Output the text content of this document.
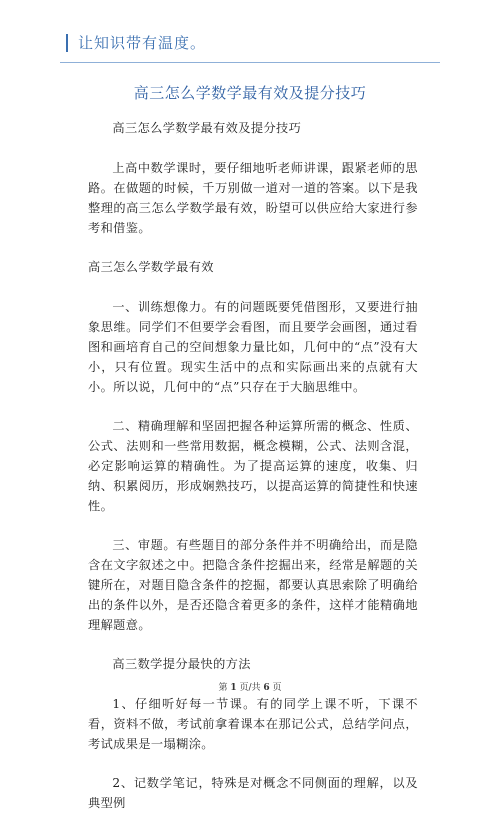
让知识带有温度。
高三怎么学数学最有效及提分技巧

高三怎么学数学最有效及提分技巧

上高中数学课时，要仔细地听老师讲课，跟紧老师的思路。在做题的时候，千万别做一道对一道的答案。以下是我整理的高三怎么学数学最有效，盼望可以供应给大家进行参考和借鉴。

高三怎么学数学最有效

一、训练想像力。有的问题既要凭借图形，又要进行抽象思维。同学们不但要学会看图，而且要学会画图，通过看图和画培育自己的空间想象力量比如，几何中的“点”没有大小，只有位置。现实生活中的点和实际画出来的点就有大小。所以说，几何中的“点”只存在于大脑思维中。

二、精确理解和坚固把握各种运算所需的概念、性质、公式、法则和一些常用数据，概念模糊，公式、法则含混，必定影响运算的精确性。为了提高运算的速度，收集、归纳、积累阅历，形成娴熟技巧，以提高运算的简捷性和快速性。

三、审题。有些题目的部分条件并不明确给出，而是隐含在文字叙述之中。把隐含条件挖掘出来，经常是解题的关键所在，对题目隐含条件的挖掘，都要认真思索除了明确给出的条件以外，是否还隐含着更多的条件，这样才能精确地理解题意。

高三数学提分最快的方法

1、仔细听好每一节课。有的同学上课不听，下课不看，资料不做，考试前拿着课本在那记公式，总结学问点，考试成果是一塌糊涂。

2、记数学笔记，特殊是对概念不同侧面的理解，以及典型例

第 1 页/共 6 页
